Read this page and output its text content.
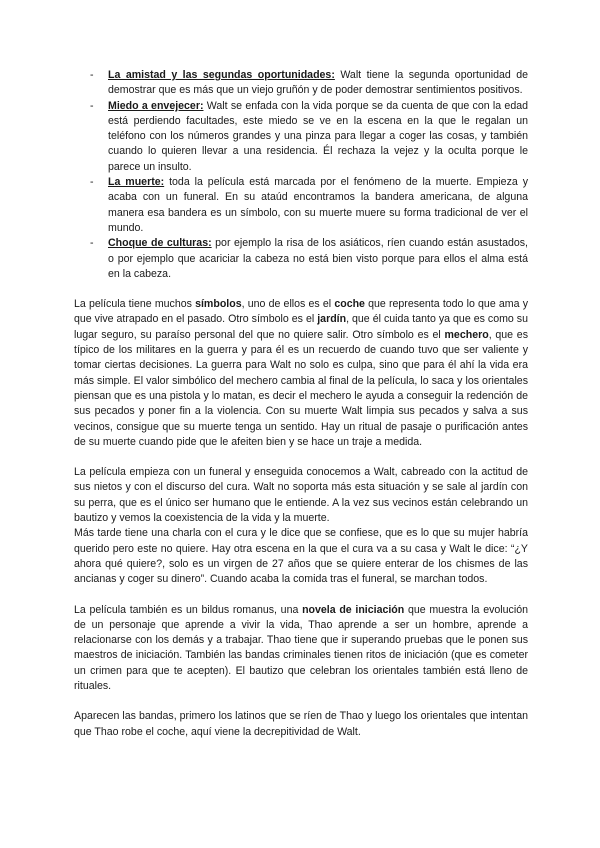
- La amistad y las segundas oportunidades: Walt tiene la segunda oportunidad de demostrar que es más que un viejo gruñón y de poder demostrar sentimientos positivos.
- Miedo a envejecer: Walt se enfada con la vida porque se da cuenta de que con la edad está perdiendo facultades, este miedo se ve en la escena en la que le regalan un teléfono con los números grandes y una pinza para llegar a coger las cosas, y también cuando lo quieren llevar a una residencia. Él rechaza la vejez y la oculta porque le parece un insulto.
- La muerte: toda la película está marcada por el fenómeno de la muerte. Empieza y acaba con un funeral. En su ataúd encontramos la bandera americana, de alguna manera esa bandera es un símbolo, con su muerte muere su forma tradicional de ver el mundo.
- Choque de culturas: por ejemplo la risa de los asiáticos, ríen cuando están asustados, o por ejemplo que acariciar la cabeza no está bien visto porque para ellos el alma está en la cabeza.

La película tiene muchos símbolos, uno de ellos es el coche que representa todo lo que ama y que vive atrapado en el pasado. Otro símbolo es el jardín, que él cuida tanto ya que es como su lugar seguro, su paraíso personal del que no quiere salir. Otro símbolo es el mechero, que es típico de los militares en la guerra y para él es un recuerdo de cuando tuvo que ser valiente y tomar ciertas decisiones. La guerra para Walt no solo es culpa, sino que para él ahí la vida era más simple. El valor simbólico del mechero cambia al final de la película, lo saca y los orientales piensan que es una pistola y lo matan, es decir el mechero le ayuda a conseguir la redención de sus pecados y poner fin a la violencia. Con su muerte Walt limpia sus pecados y salva a sus vecinos, consigue que su muerte tenga un sentido. Hay un ritual de pasaje o purificación antes de su muerte cuando pide que le afeiten bien y se hace un traje a medida.

La película empieza con un funeral y enseguida conocemos a Walt, cabreado con la actitud de sus nietos y con el discurso del cura. Walt no soporta más esta situación y se sale al jardín con su perra, que es el único ser humano que le entiende. A la vez sus vecinos están celebrando un bautizo y vemos la coexistencia de la vida y la muerte.

Más tarde tiene una charla con el cura y le dice que se confiese, que es lo que su mujer habría querido pero este no quiere. Hay otra escena en la que el cura va a su casa y Walt le dice: “¿Y ahora qué quiere?, solo es un virgen de 27 años que se quiere enterar de los chismes de las ancianas y coger su dinero”. Cuando acaba la comida tras el funeral, se marchan todos.

La película también es un bildus romanus, una novela de iniciación que muestra la evolución de un personaje que aprende a vivir la vida, Thao aprende a ser un hombre, aprende a relacionarse con los demás y a trabajar. Thao tiene que ir superando pruebas que le ponen sus maestros de iniciación. También las bandas criminales tienen ritos de iniciación (que es cometer un crimen para que te acepten). El bautizo que celebran los orientales también está lleno de rituales.

Aparecen las bandas, primero los latinos que se ríen de Thao y luego los orientales que intentan que Thao robe el coche, aquí viene la decrepitividad de Walt.
